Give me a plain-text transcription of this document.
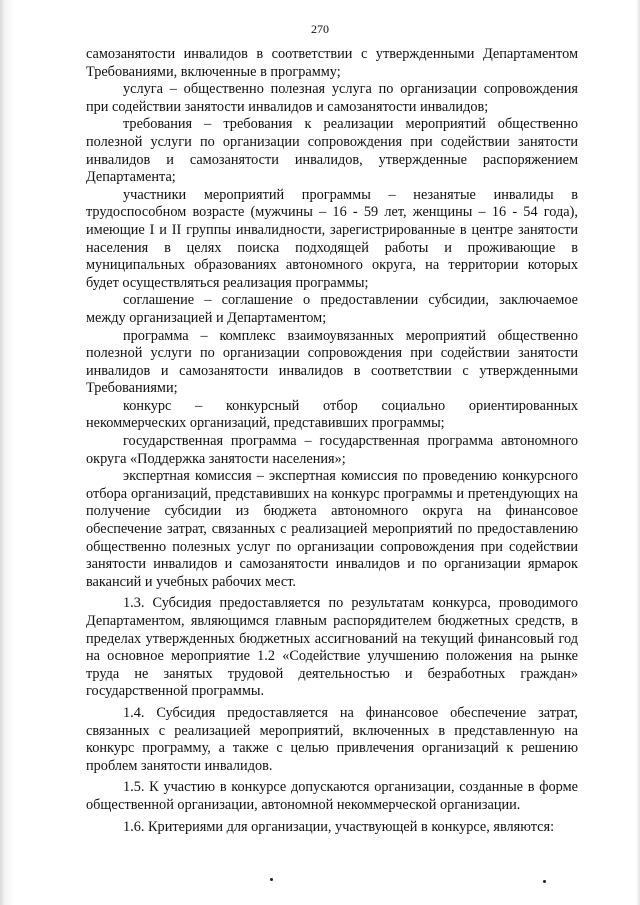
270

самозанятости инвалидов в соответствии с утвержденными Департаментом Требованиями, включенные в программу;

услуга – общественно полезная услуга по организации сопровождения при содействии занятости инвалидов и самозанятости инвалидов;

требования – требования к реализации мероприятий общественно полезной услуги по организации сопровождения при содействии занятости инвалидов и самозанятости инвалидов, утвержденные распоряжением Департамента;

участники мероприятий программы – незанятые инвалиды в трудоспособном возрасте (мужчины – 16 - 59 лет, женщины – 16 - 54 года), имеющие I и II группы инвалидности, зарегистрированные в центре занятости населения в целях поиска подходящей работы и проживающие в муниципальных образованиях автономного округа, на территории которых будет осуществляться реализация программы;

соглашение – соглашение о предоставлении субсидии, заключаемое между организацией и Департаментом;

программа – комплекс взаимоувязанных мероприятий общественно полезной услуги по организации сопровождения при содействии занятости инвалидов и самозанятости инвалидов в соответствии с утвержденными Требованиями;

конкурс – конкурсный отбор социально ориентированных некоммерческих организаций, представивших программы;

государственная программа – государственная программа автономного округа «Поддержка занятости населения»;

экспертная комиссия – экспертная комиссия по проведению конкурсного отбора организаций, представивших на конкурс программы и претендующих на получение субсидии из бюджета автономного округа на финансовое обеспечение затрат, связанных с реализацией мероприятий по предоставлению общественно полезных услуг по организации сопровождения при содействии занятости инвалидов и самозанятости инвалидов и по организации ярмарок вакансий и учебных рабочих мест.

1.3. Субсидия предоставляется по результатам конкурса, проводимого Департаментом, являющимся главным распорядителем бюджетных средств, в пределах утвержденных бюджетных ассигнований на текущий финансовый год на основное мероприятие 1.2 «Содействие улучшению положения на рынке труда не занятых трудовой деятельностью и безработных граждан» государственной программы.

1.4. Субсидия предоставляется на финансовое обеспечение затрат, связанных с реализацией мероприятий, включенных в представленную на конкурс программу, а также с целью привлечения организаций к решению проблем занятости инвалидов.

1.5. К участию в конкурсе допускаются организации, созданные в форме общественной организации, автономной некоммерческой организации.

1.6. Критериями для организации, участвующей в конкурсе, являются:
